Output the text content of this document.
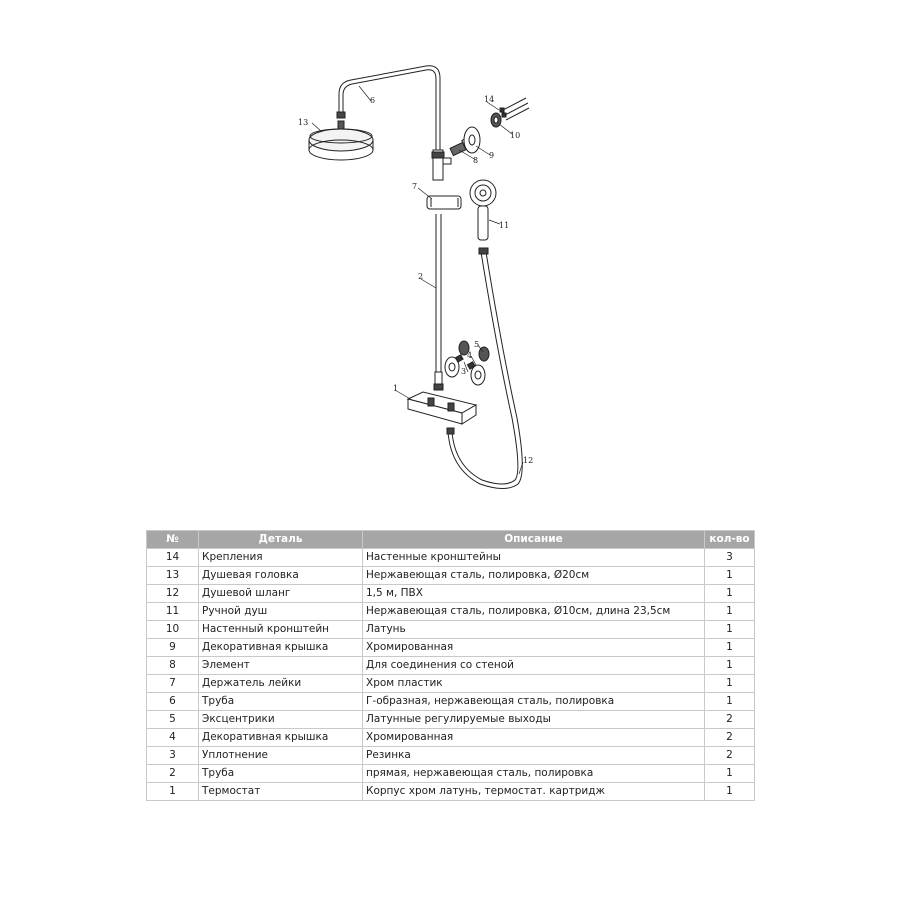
1
2
3
4
5
6
7
8
9
10
11
12
13
14
№	Деталь	Описание	кол-во
14	Крепления	Настенные кронштейны	3
13	Душевая головка	Нержавеющая сталь, полировка, Ø20см	1
12	Душевой шланг	1,5 м, ПВХ	1
11	Ручной душ	Нержавеющая сталь, полировка, Ø10см, длина 23,5см	1
10	Настенный кронштейн	Латунь	1
9	Декоративная крышка	Хромированная	1
8	Элемент	Для соединения со стеной	1
7	Держатель лейки	Хром пластик	1
6	Труба	Г-образная, нержавеющая сталь, полировка	1
5	Эксцентрики	Латунные регулируемые выходы	2
4	Декоративная крышка	Хромированная	2
3	Уплотнение	Резинка	2
2	Труба	прямая, нержавеющая сталь, полировка	1
1	Термостат	Корпус хром латунь, термостат. картридж	1
